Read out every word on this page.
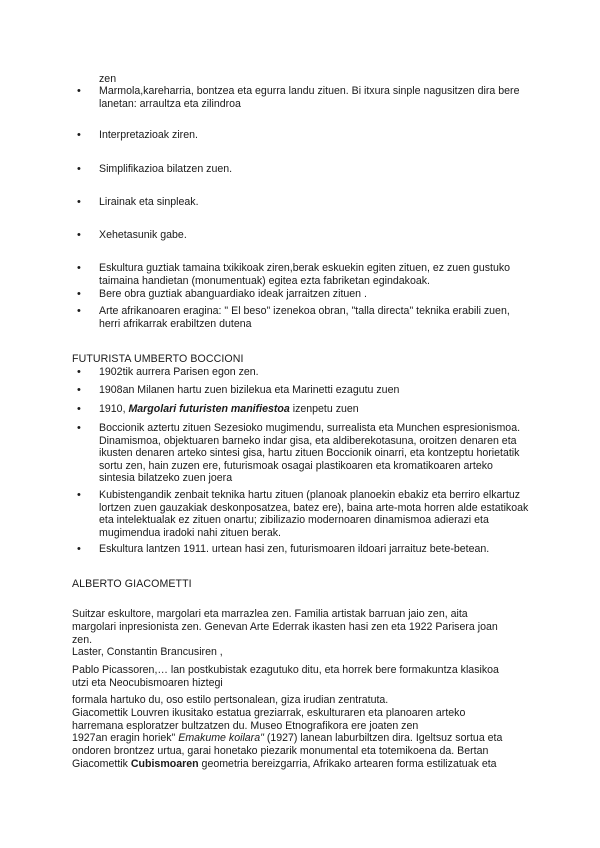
zen
• Marmola,kareharria, bontzea eta egurra landu zituen. Bi itxura sinple nagusitzen dira bere lanetan: arraultza eta zilindroa
• Interpretazioak ziren.
• Simplifikazioa bilatzen zuen.
• Lirainak eta sinpleak.
• Xehetasunik gabe.
• Eskultura guztiak tamaina txikikoak ziren,berak eskuekin egiten zituen, ez zuen gustuko taimaina handietan (monumentuak) egitea ezta fabriketan egindakoak.
• Bere obra guztiak abanguardiako ideak jarraitzen zituen .
• Arte afrikanoaren eragina: " El beso" izenekoa obran, "talla directa" teknika erabili zuen, herri afrikarrak erabiltzen dutena
FUTURISTA UMBERTO BOCCIONI
• 1902tik aurrera Parisen egon zen.
• 1908an Milanen hartu zuen bizilekua eta Marinetti ezagutu zuen
• 1910, Margolari futuristen manifiestoa izenpetu zuen
• Boccionik aztertu zituen Sezesioko mugimendu, surrealista eta Munchen espresionismoa. Dinamismoa, objektuaren barneko indar gisa, eta aldiberekotasuna, oroitzen denaren eta ikusten denaren arteko sintesi gisa, hartu zituen Boccionik oinarri, eta kontzeptu horietatik sortu zen, hain zuzen ere, futurismoak osagai plastikoaren eta kromatikoaren arteko sintesia bilatzeko zuen joera
• Kubistengandik zenbait teknika hartu zituen (planoak planoekin ebakiz eta berriro elkartuz lortzen zuen gauzakiak deskonposatzea, batez ere), baina arte-mota horren alde estatikoak eta intelektualak ez zituen onartu; zibilizazio modernoaren dinamismoa adierazi eta mugimendua iradoki nahi zituen berak.
• Eskultura lantzen 1911. urtean hasi zen, futurismoaren ildoari jarraituz bete-betean.
ALBERTO GIACOMETTI
Suitzar eskultore, margolari eta marrazlea zen. Familia artistak barruan jaio zen, aita
margolari inpresionista zen. Genevan Arte Ederrak ikasten hasi zen eta 1922 Parisera joan
zen.
Laster, Constantin Brancusiren ,
Pablo Picassoren,… lan postkubistak ezagutuko ditu, eta horrek bere formakuntza klasikoa
utzi eta Neocubismoaren hiztegi
formala hartuko du, oso estilo pertsonalean, giza irudian zentratuta.
Giacomettik Louvren ikusitako estatua greziarrak, eskulturaren eta planoaren arteko
harremana esploratzer bultzatzen du. Museo Etnografikora ere joaten zen
1927an eragin horiek" Emakume koilara" (1927) lanean laburbiltzen dira. Igeltsuz sortua eta
ondoren brontzez urtua, garai honetako piezarik monumental eta totemikoena da. Bertan
Giacomettik Cubismoaren geometria bereizgarria, Afrikako artearen forma estilizatuak eta
